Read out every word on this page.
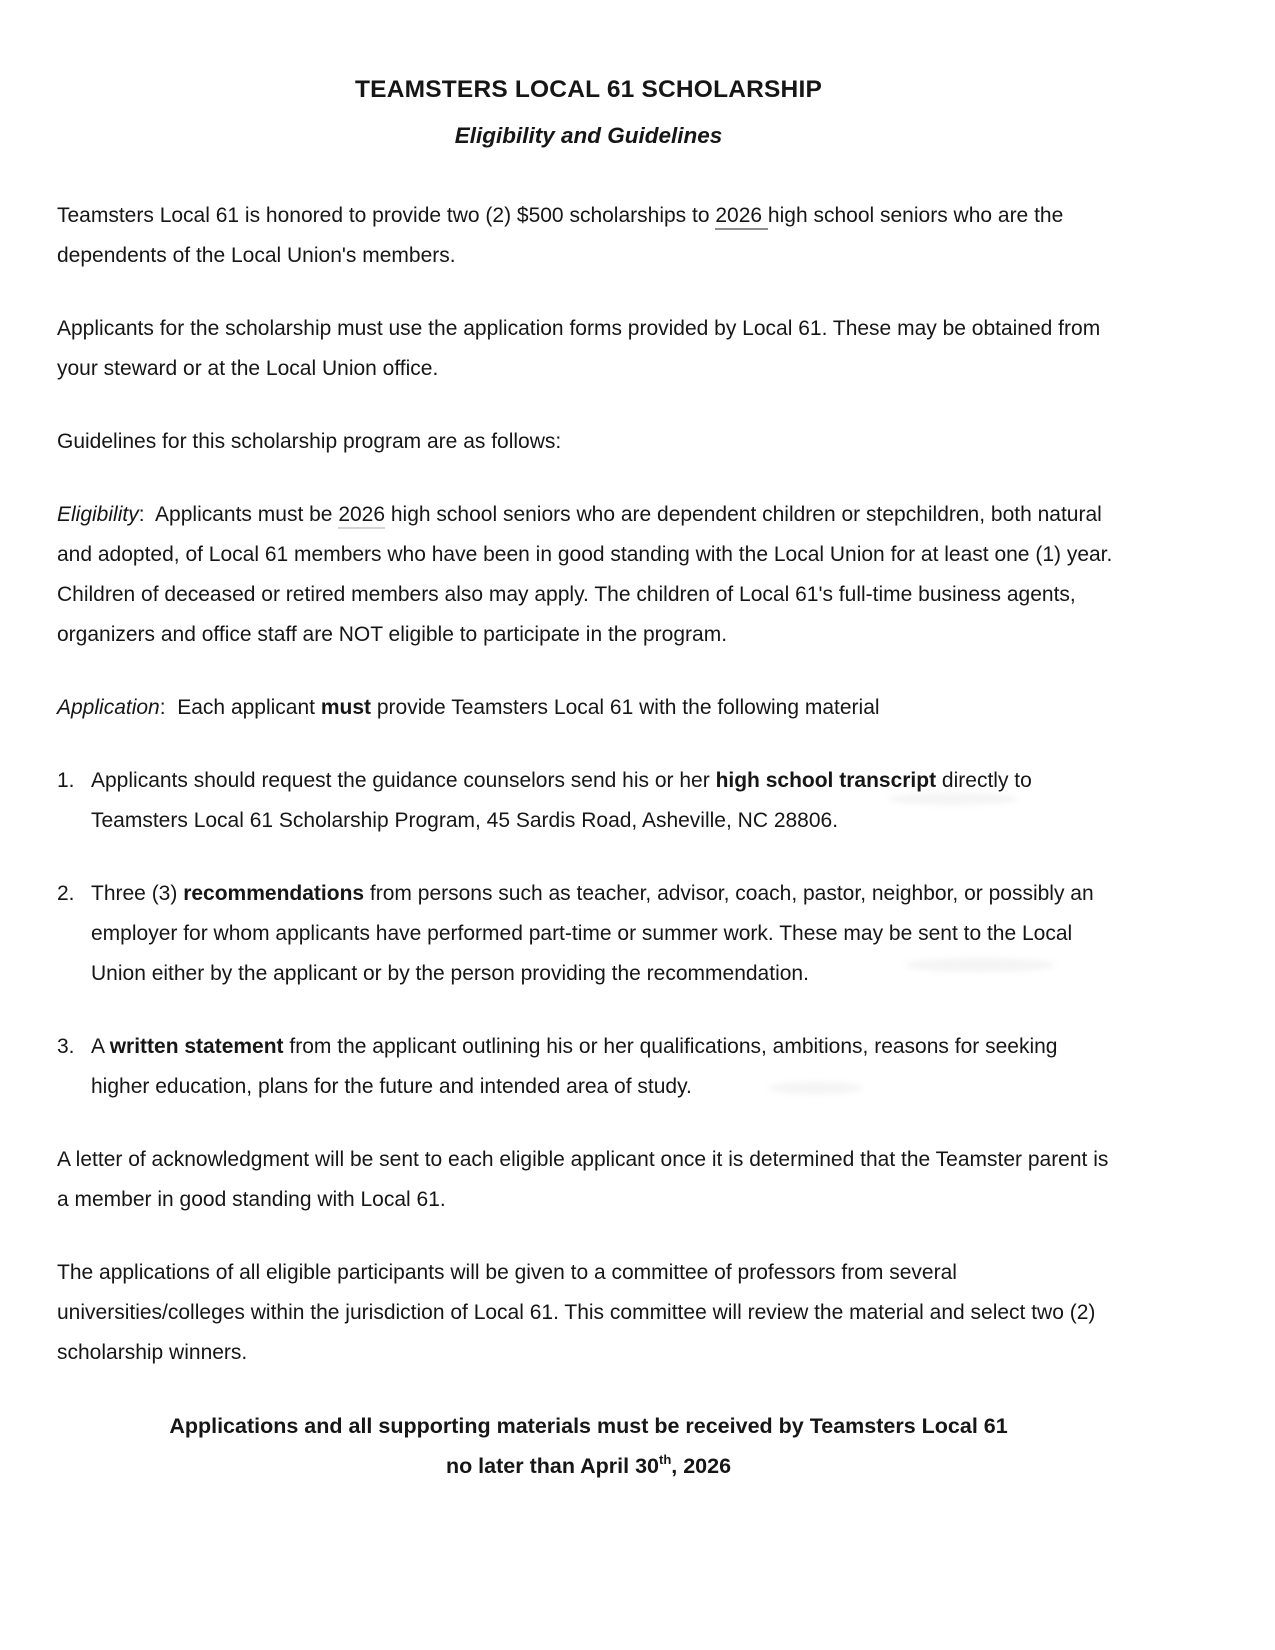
TEAMSTERS LOCAL 61 SCHOLARSHIP
Eligibility and Guidelines

Teamsters Local 61 is honored to provide two (2) $500 scholarships to 2026 high school seniors who are the dependents of the Local Union's members.

Applicants for the scholarship must use the application forms provided by Local 61. These may be obtained from your steward or at the Local Union office.

Guidelines for this scholarship program are as follows:

Eligibility:  Applicants must be 2026 high school seniors who are dependent children or stepchildren, both natural and adopted, of Local 61 members who have been in good standing with the Local Union for at least one (1) year. Children of deceased or retired members also may apply. The children of Local 61's full-time business agents, organizers and office staff are NOT eligible to participate in the program.

Application:  Each applicant must provide Teamsters Local 61 with the following material

1. Applicants should request the guidance counselors send his or her high school transcript directly to Teamsters Local 61 Scholarship Program, 45 Sardis Road, Asheville, NC 28806.
2. Three (3) recommendations from persons such as teacher, advisor, coach, pastor, neighbor, or possibly an employer for whom applicants have performed part-time or summer work. These may be sent to the Local Union either by the applicant or by the person providing the recommendation.
3. A written statement from the applicant outlining his or her qualifications, ambitions, reasons for seeking higher education, plans for the future and intended area of study.

A letter of acknowledgment will be sent to each eligible applicant once it is determined that the Teamster parent is a member in good standing with Local 61.

The applications of all eligible participants will be given to a committee of professors from several universities/colleges within the jurisdiction of Local 61. This committee will review the material and select two (2) scholarship winners.

Applications and all supporting materials must be received by Teamsters Local 61

no later than April 30th, 2026
